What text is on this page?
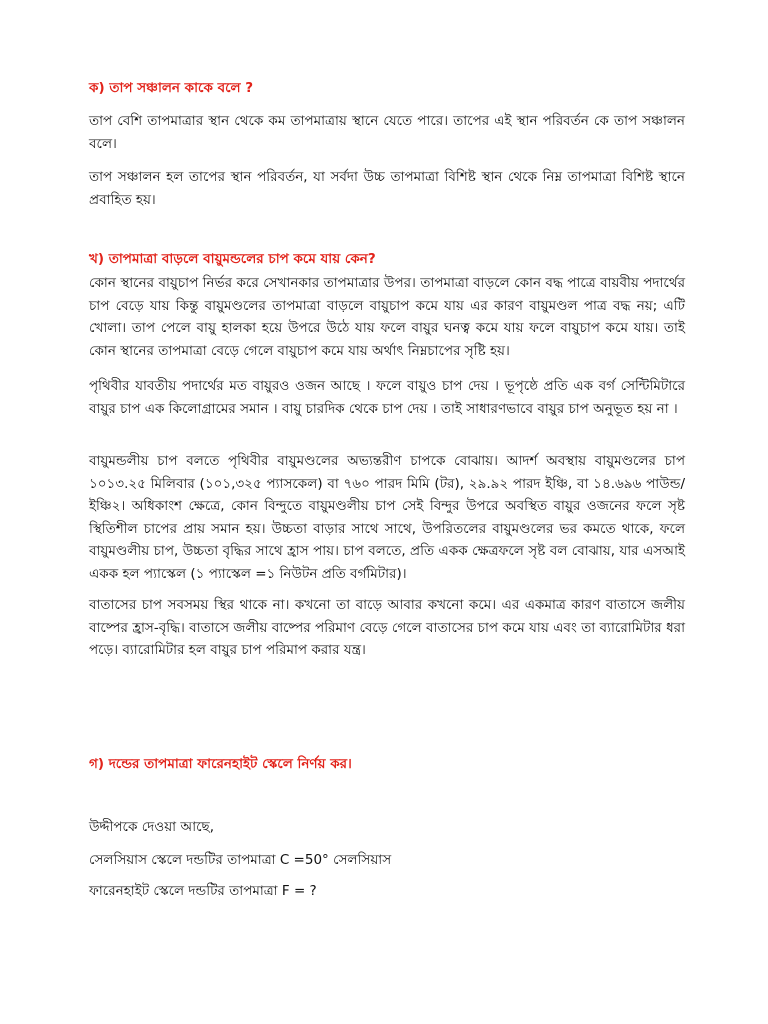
ক) তাপ সঞ্চালন কাকে বলে ?

তাপ বেশি তাপমাত্রার স্থান থেকে কম তাপমাত্রায় স্থানে যেতে পারে। তাপের এই স্থান পরিবর্তন কে তাপ সঞ্চালন বলে।

তাপ সঞ্চালন হল তাপের স্থান পরিবর্তন, যা সর্বদা উচ্চ তাপমাত্রা বিশিষ্ট স্থান থেকে নিম্ন তাপমাত্রা বিশিষ্ট স্থানে প্রবাহিত হয়।

খ) তাপমাত্রা বাড়লে বায়ুমন্ডলের চাপ কমে যায় কেন?

কোন স্থানের বায়ুচাপ নির্ভর করে সেখানকার তাপমাত্রার উপর। তাপমাত্রা বাড়লে কোন বদ্ধ পাত্রে বায়বীয় পদার্থের চাপ বেড়ে যায় কিন্তু বায়ুমণ্ডলের তাপমাত্রা বাড়লে বায়ুচাপ কমে যায় এর কারণ বায়ুমণ্ডল পাত্র বদ্ধ নয়; এটি খোলা। তাপ পেলে বায়ু হালকা হয়ে উপরে উঠে যায় ফলে বায়ুর ঘনত্ব কমে যায় ফলে বায়ুচাপ কমে যায়। তাই কোন স্থানের তাপমাত্রা বেড়ে গেলে বায়ুচাপ কমে যায় অর্থাৎ নিম্নচাপের সৃষ্টি হয়।

পৃথিবীর যাবতীয় পদার্থের মত বায়ুরও ওজন আছে । ফলে বায়ুও চাপ দেয় । ভূপৃষ্ঠে প্রতি এক বর্গ সেন্টিমিটারে বায়ুর চাপ এক কিলোগ্রামের সমান । বায়ু চারদিক থেকে চাপ দেয় । তাই সাধারণভাবে বায়ুর চাপ অনুভূত হয় না ।

বায়ুমন্ডলীয় চাপ বলতে পৃথিবীর বায়ুমণ্ডলের অভ্যন্তরীণ চাপকে বোঝায়। আদর্শ অবস্থায় বায়ুমণ্ডলের চাপ ১০১৩.২৫ মিলিবার (১০১,৩২৫ প্যাসকেল) বা ৭৬০ পারদ মিমি (টর), ২৯.৯২ পারদ ইঞ্চি, বা ১৪.৬৯৬ পাউন্ড/ইঞ্চি২। অধিকাংশ ক্ষেত্রে, কোন বিন্দুতে বায়ুমণ্ডলীয় চাপ সেই বিন্দুর উপরে অবস্থিত বায়ুর ওজনের ফলে সৃষ্ট স্থিতিশীল চাপের প্রায় সমান হয়। উচ্চতা বাড়ার সাথে সাথে, উপরিতলের বায়ুমণ্ডলের ভর কমতে থাকে, ফলে বায়ুমণ্ডলীয় চাপ, উচ্চতা বৃদ্ধির সাথে হ্রাস পায়। চাপ বলতে, প্রতি একক ক্ষেত্রফলে সৃষ্ট বল বোঝায়, যার এসআই একক হল প্যাস্কেল (১ প্যাস্কেল =১ নিউটন প্রতি বর্গমিটার)।

বাতাসের চাপ সবসময় স্থির থাকে না। কখনো তা বাড়ে আবার কখনো কমে। এর একমাত্র কারণ বাতাসে জলীয় বাষ্পের হ্রাস-বৃদ্ধি। বাতাসে জলীয় বাষ্পের পরিমাণ বেড়ে গেলে বাতাসের চাপ কমে যায় এবং তা ব্যারোমিটার ধরা পড়ে। ব্যারোমিটার হল বায়ুর চাপ পরিমাপ করার যন্ত্র।

গ) দন্ডের তাপমাত্রা ফারেনহাইট স্কেলে নির্ণয় কর।

উদ্দীপকে দেওয়া আছে,

সেলসিয়াস স্কেলে দন্ডটির তাপমাত্রা C =50° সেলসিয়াস

ফারেনহাইট স্কেলে দন্ডটির তাপমাত্রা F = ?
